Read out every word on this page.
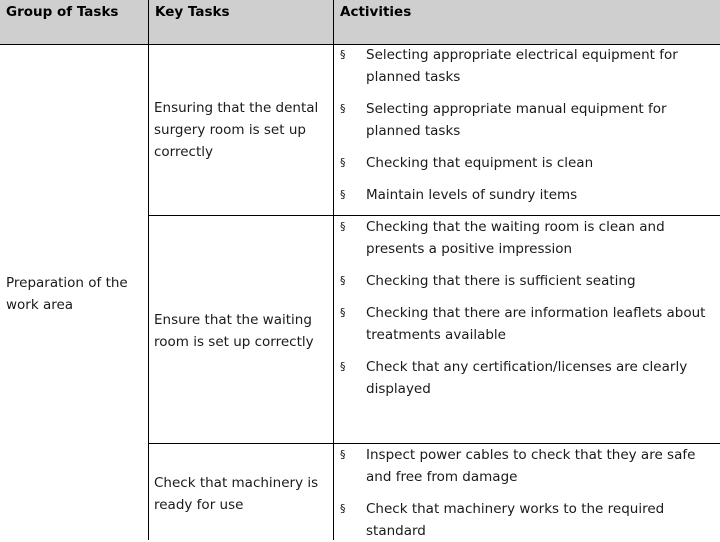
Group of Tasks	Key Tasks	Activities
Preparation of the work area
Ensuring that the dental surgery room is set up correctly
Ensure that the waiting room is set up correctly
Check that machinery is ready for use
§ Selecting appropriate electrical equipment for planned tasks
§ Selecting appropriate manual equipment for planned tasks
§ Checking that equipment is clean
§ Maintain levels of sundry items
§ Checking that the waiting room is clean and presents a positive impression
§ Checking that there is sufficient seating
§ Checking that there are information leaflets about treatments available
§ Check that any certification/licenses are clearly displayed
§ Inspect power cables to check that they are safe and free from damage
§ Check that machinery works to the required standard
